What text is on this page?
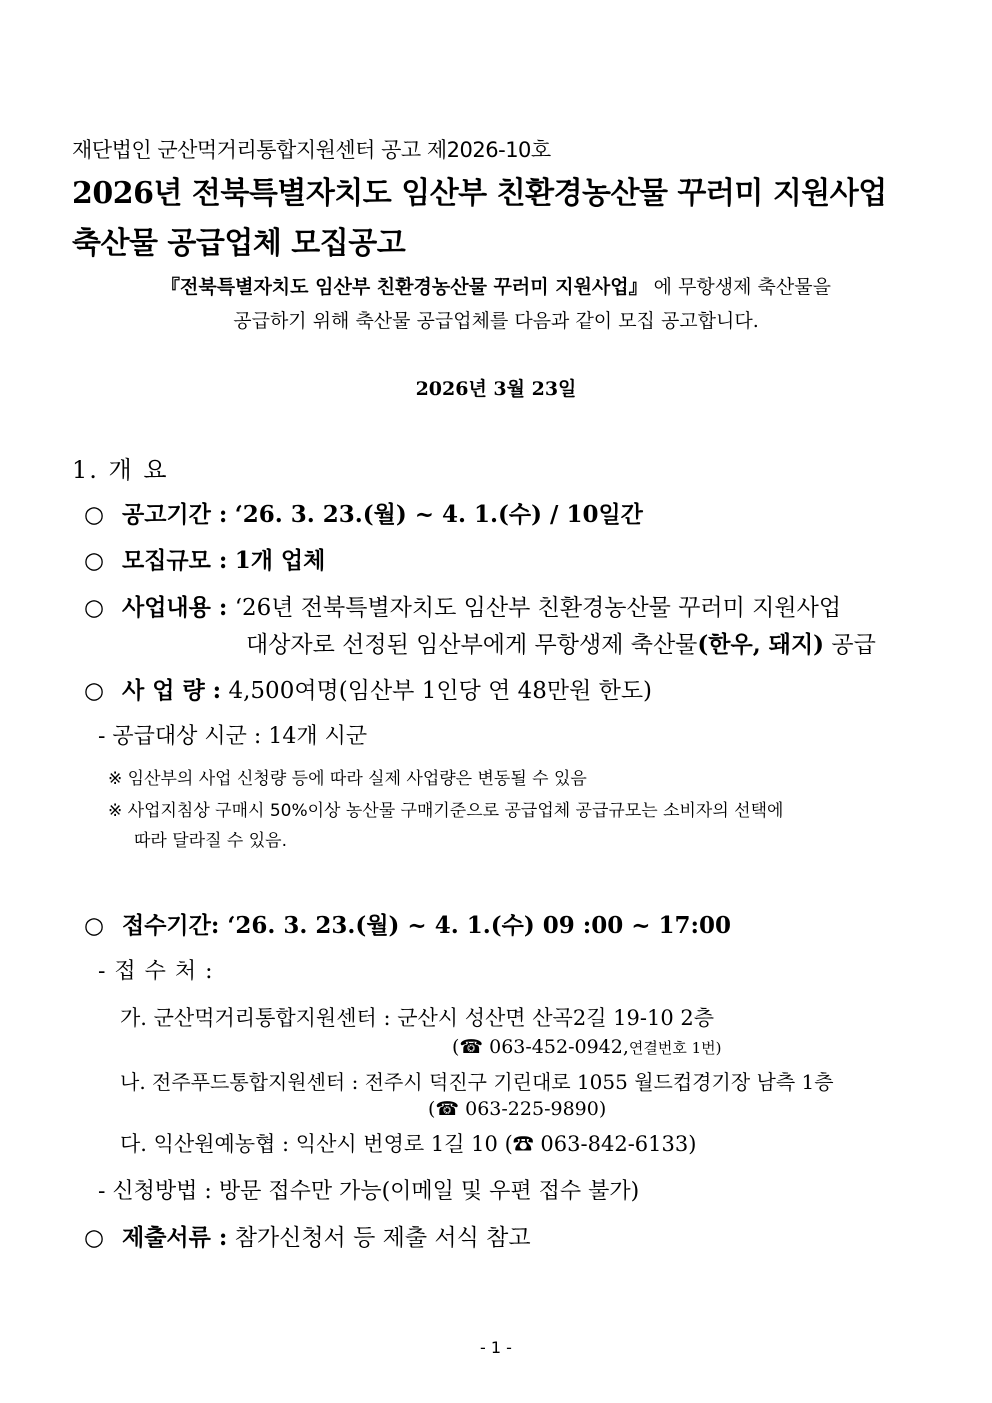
재단법인 군산먹거리통합지원센터 공고 제2026-10호
2026년 전북특별자치도 임산부 친환경농산물 꾸러미 지원사업
축산물 공급업체 모집공고
『전북특별자치도 임산부 친환경농산물 꾸러미 지원사업』 에 무항생제 축산물을
공급하기 위해 축산물 공급업체를 다음과 같이 모집 공고합니다.
2026년 3월 23일
1. 개 요
○ 공고기간 : ‘26. 3. 23.(월) ~ 4. 1.(수) / 10일간
○ 모집규모 : 1개 업체
○ 사업내용 : ‘26년 전북특별자치도 임산부 친환경농산물 꾸러미 지원사업
대상자로 선정된 임산부에게 무항생제 축산물(한우, 돼지) 공급
○ 사 업 량 : 4,500여명(임산부 1인당 연 48만원 한도)
- 공급대상 시군 : 14개 시군
※ 임산부의 사업 신청량 등에 따라 실제 사업량은 변동될 수 있음
※ 사업지침상 구매시 50%이상 농산물 구매기준으로 공급업체 공급규모는 소비자의 선택에
따라 달라질 수 있음.
○ 접수기간: ‘26. 3. 23.(월) ~ 4. 1.(수) 09 :00 ~ 17:00
- 접 수 처 :
가. 군산먹거리통합지원센터 : 군산시 성산면 산곡2길 19-10 2층
(☎ 063-452-0942,연결번호 1번)
나. 전주푸드통합지원센터 : 전주시 덕진구 기린대로 1055 월드컵경기장 남측 1층
(☎ 063-225-9890)
다. 익산원예농협 : 익산시 번영로 1길 10 (☎ 063-842-6133)
- 신청방법 : 방문 접수만 가능(이메일 및 우편 접수 불가)
○ 제출서류 : 참가신청서 등 제출 서식 참고
- 1 -
